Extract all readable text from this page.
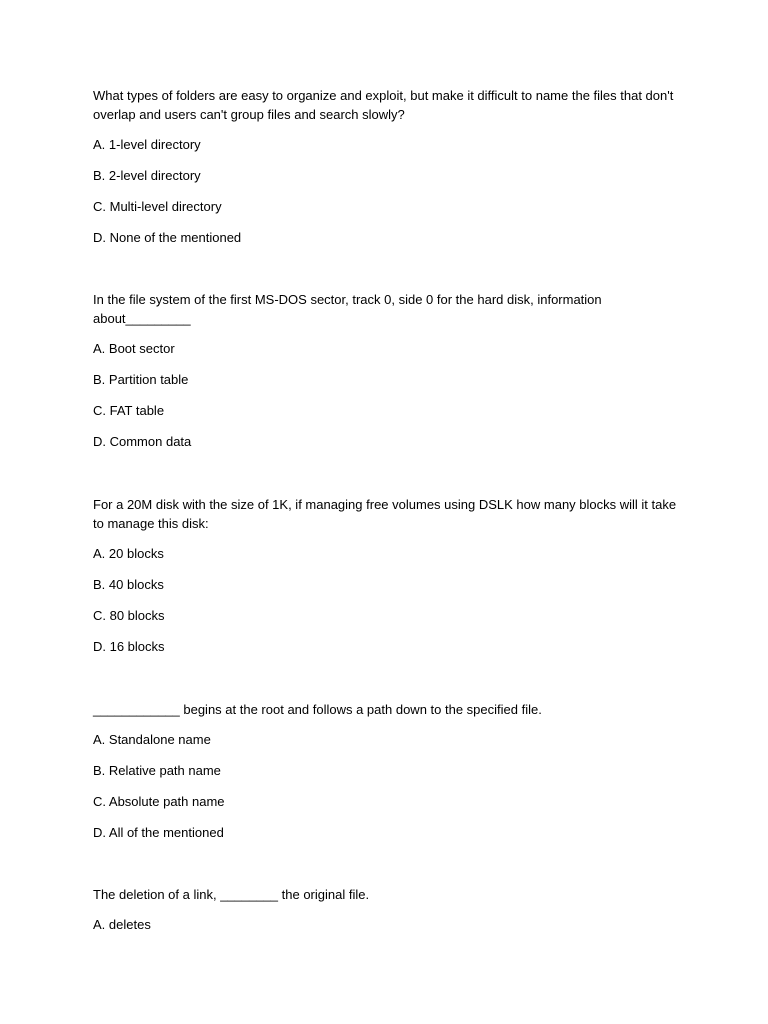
What types of folders are easy to organize and exploit, but make it difficult to name the files that don't overlap and users can't group files and search slowly?

A. 1-level directory

B. 2-level directory

C. Multi-level directory

D. None of the mentioned

In the file system of the first MS-DOS sector, track 0, side 0 for the hard disk, information about_________

A. Boot sector

B. Partition table

C. FAT table

D. Common data

For a 20M disk with the size of 1K, if managing free volumes using DSLK how many blocks will it take to manage this disk:

A. 20 blocks

B. 40 blocks

C. 80 blocks

D. 16 blocks

____________ begins at the root and follows a path down to the specified file.

A. Standalone name

B. Relative path name

C. Absolute path name

D. All of the mentioned

The deletion of a link, ________ the original file.

A. deletes
